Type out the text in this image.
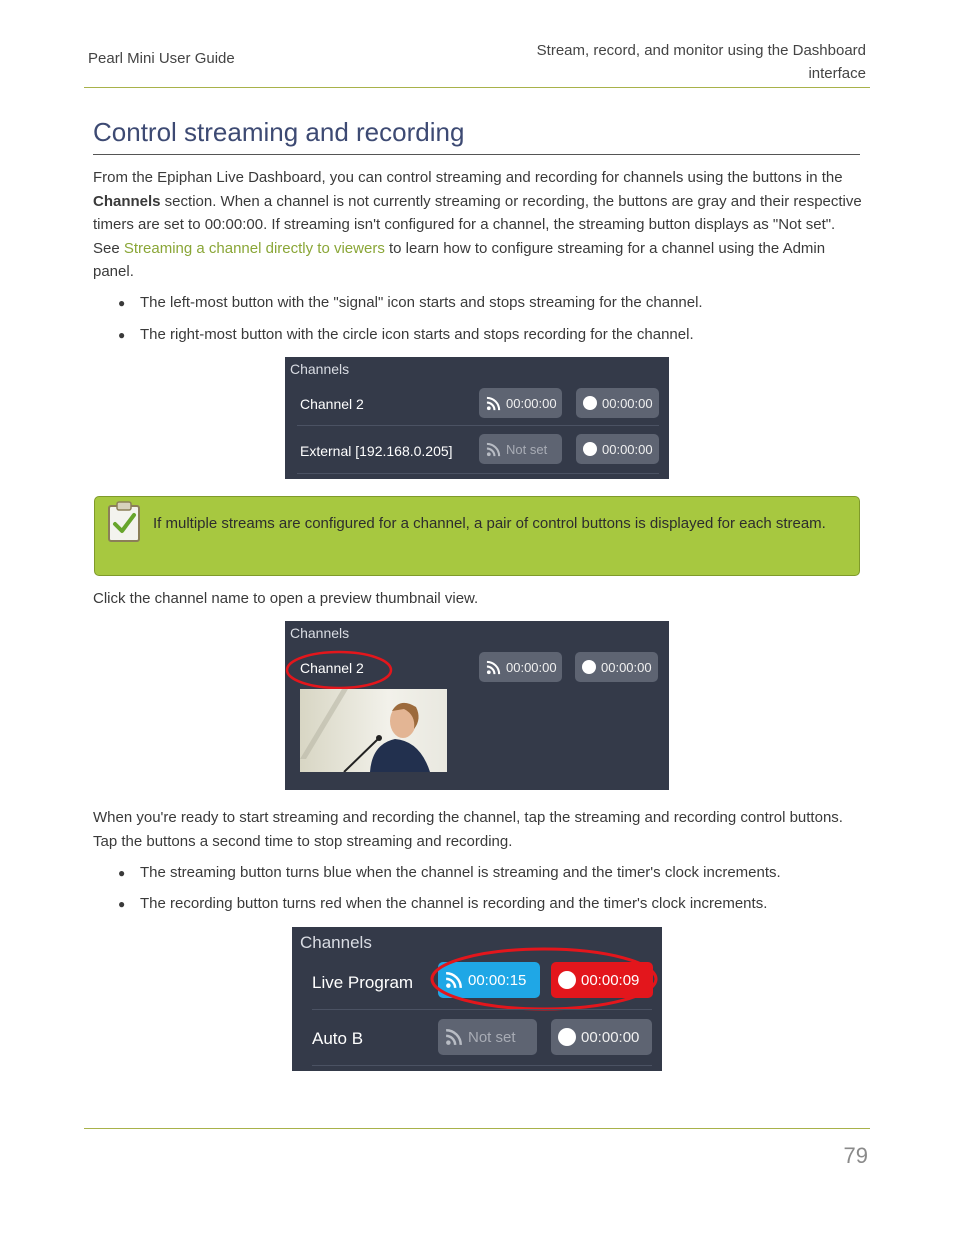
Pearl Mini User Guide	Stream, record, and monitor using the Dashboard
interface
Control streaming and recording

From the Epiphan Live Dashboard, you can control streaming and recording for channels using the buttons in the Channels section. When a channel is not currently streaming or recording, the buttons are gray and their respective timers are set to 00:00:00. If streaming isn't configured for a channel, the streaming button displays as "Not set". See Streaming a channel directly to viewers to learn how to configure streaming for a channel using the Admin panel.

● The left-most button with the "signal" icon starts and stops streaming for the channel.
● The right-most button with the circle icon starts and stops recording for the channel.
Channels
Channel 2	00:00:00	00:00:00
External [192.168.0.205]	Not set	00:00:00
If multiple streams are configured for a channel, a pair of control buttons is displayed for each stream.

Click the channel name to open a preview thumbnail view.

Channels
Channel 2	00:00:00	00:00:00

When you're ready to start streaming and recording the channel, tap the streaming and recording control buttons. Tap the buttons a second time to stop streaming and recording.

● The streaming button turns blue when the channel is streaming and the timer's clock increments.
● The recording button turns red when the channel is recording and the timer's clock increments.
Channels
Live Program	00:00:15	00:00:09
Auto B	Not set	00:00:00
79
